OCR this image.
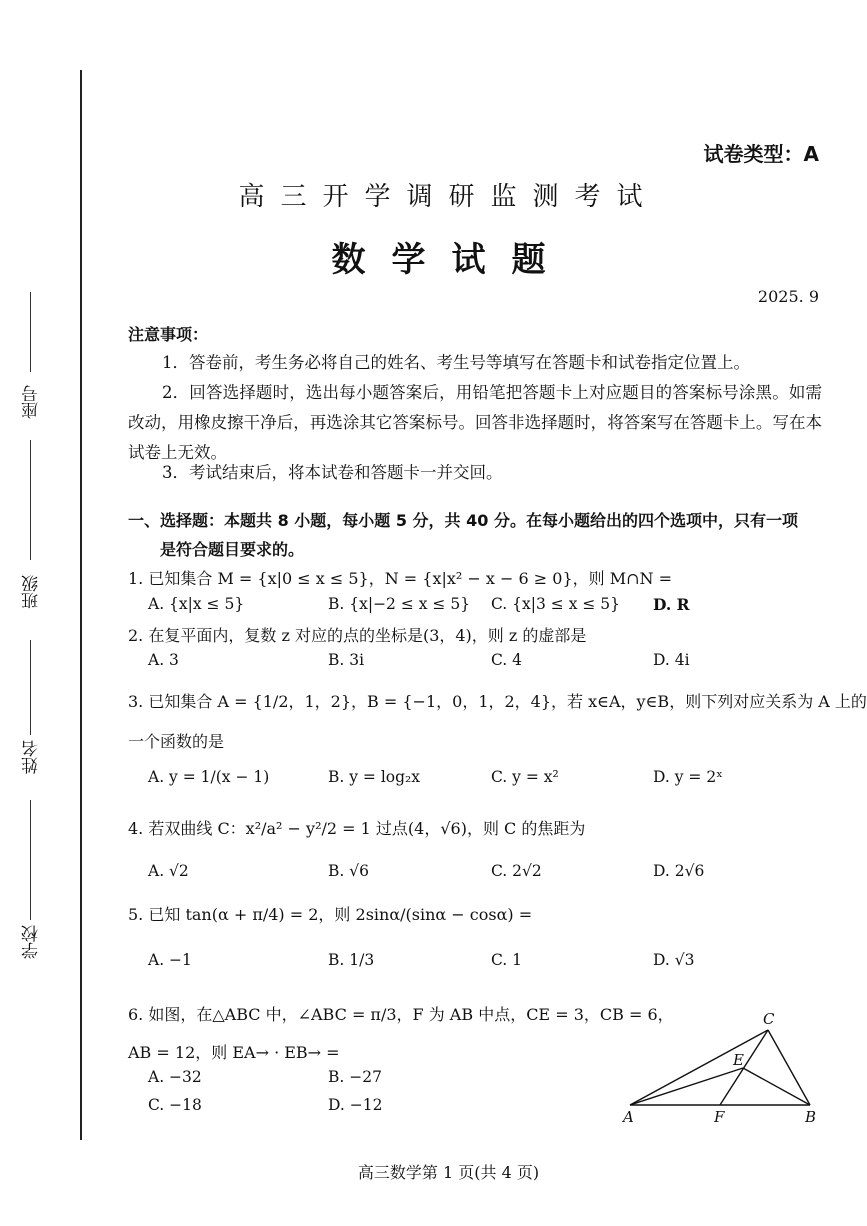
座号
班级
姓名
学校
试卷类型：A
高三开学调研监测考试
数学试题
2025. 9
注意事项：
1．答卷前，考生务必将自己的姓名、考生号等填写在答题卡和试卷指定位置上。
2．回答选择题时，选出每小题答案后，用铅笔把答题卡上对应题目的答案标号涂黑。如需改动，用橡皮擦干净后，再选涂其它答案标号。回答非选择题时，将答案写在答题卡上。写在本试卷上无效。
3．考试结束后，将本试卷和答题卡一并交回。
一、选择题：本题共 8 小题，每小题 5 分，共 40 分。在每小题给出的四个选项中，只有一项
是符合题目要求的。
1. 已知集合 M = {x|0 ≤ x ≤ 5}，N = {x|x² − x − 6 ≥ 0}，则 M∩N =
A. {x|x ≤ 5}	B. {x|−2 ≤ x ≤ 5} C. {x|3 ≤ x ≤ 5} D. R
2. 在复平面内，复数 z 对应的点的坐标是(3，4)，则 z 的虚部是
A. 3	B. 3i	C. 4	D. 4i
3. 已知集合 A = {1/2，1，2}，B = {−1，0，1，2，4}，若 x∈A，y∈B，则下列对应关系为 A 上的
一个函数的是
A. y = 1/(x − 1)	B. y = log₂x	C. y = x²	D. y = 2ˣ
4. 若双曲线 C：x²/a² − y²/2 = 1 过点(4，√6)，则 C 的焦距为
A. √2	B. √6	C. 2√2	D. 2√6
5. 已知 tan(α + π/4) = 2，则 2sinα/(sinα − cosα) =
A. −1	B. 1/3	C. 1	D. √3
6. 如图，在△ABC 中，∠ABC = π/3，F 为 AB 中点，CE = 3，CB = 6，
AB = 12，则 EA→ · EB→ =
A. −32	B. −27
C. −18	D. −12
C
E
A	F	B
高三数学第 1 页(共 4 页)
